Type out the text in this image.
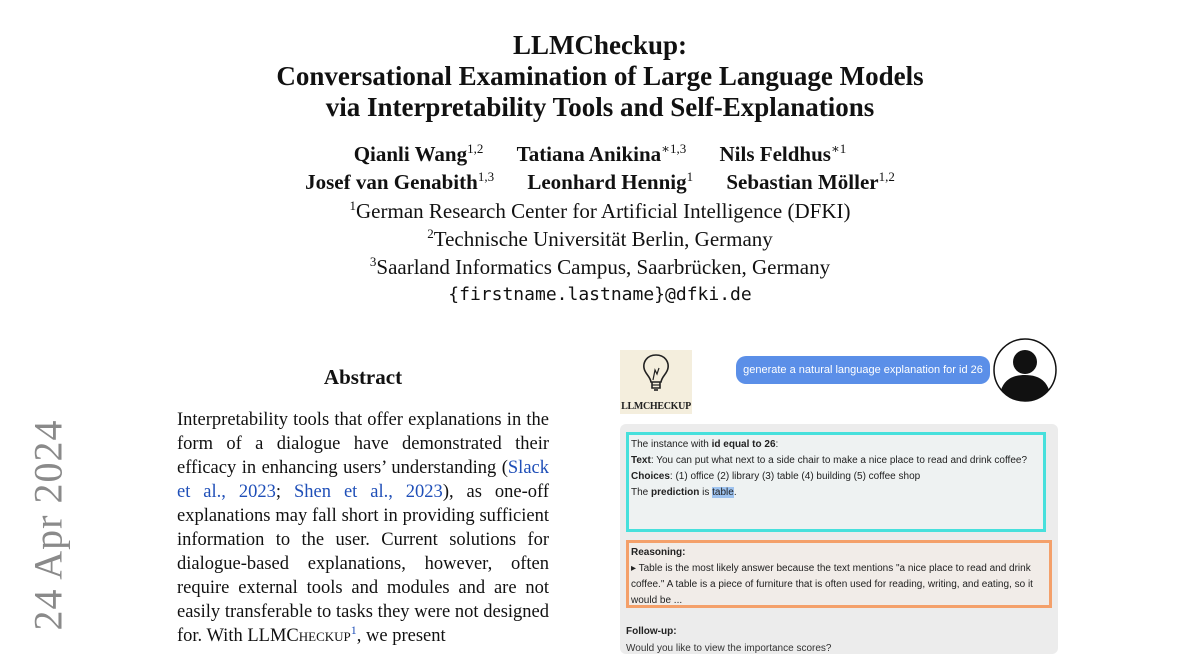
LLMCheckup:
Conversational Examination of Large Language Models
via Interpretability Tools and Self-Explanations
Qianli Wang$^{1,2}$ Tatiana Anikina$^{∗1,3}$ Nils Feldhus$^{∗1}$
Josef van Genabith$^{1,3}$ Leonhard Hennig$^1$ Sebastian Möller$^{1,2}$
$^1$German Research Center for Artificial Intelligence (DFKI)
$^2$Technische Universität Berlin, Germany
$^3$Saarland Informatics Campus, Saarbrücken, Germany
{firstname.lastname}@dfki.de
24 Apr 2024
Abstract
Interpretability tools that offer explanations in the form of a dialogue have demonstrated their efficacy in enhancing users’ understanding (Slack et al., 2023; Shen et al., 2023), as one-off explanations may fall short in providing sufficient information to the user. Current solutions for dialogue-based explanations, however, often require external tools and modules and are not easily transferable to tasks they were not designed for. With LLMCheckup$^1$, we present
LLMCHECKUP
generate a natural language explanation for id 26
The instance with id equal to 26:
Text: You can put what next to a side chair to make a nice place to read and drink coffee?
Choices: (1) office (2) library (3) table (4) building (5) coffee shop
The prediction is table.
Reasoning:
▸ Table is the most likely answer because the text mentions "a nice place to read and drink coffee." A table is a piece of furniture that is often used for reading, writing, and eating, so it would be ...
Follow-up:
Would you like to view the importance scores?
